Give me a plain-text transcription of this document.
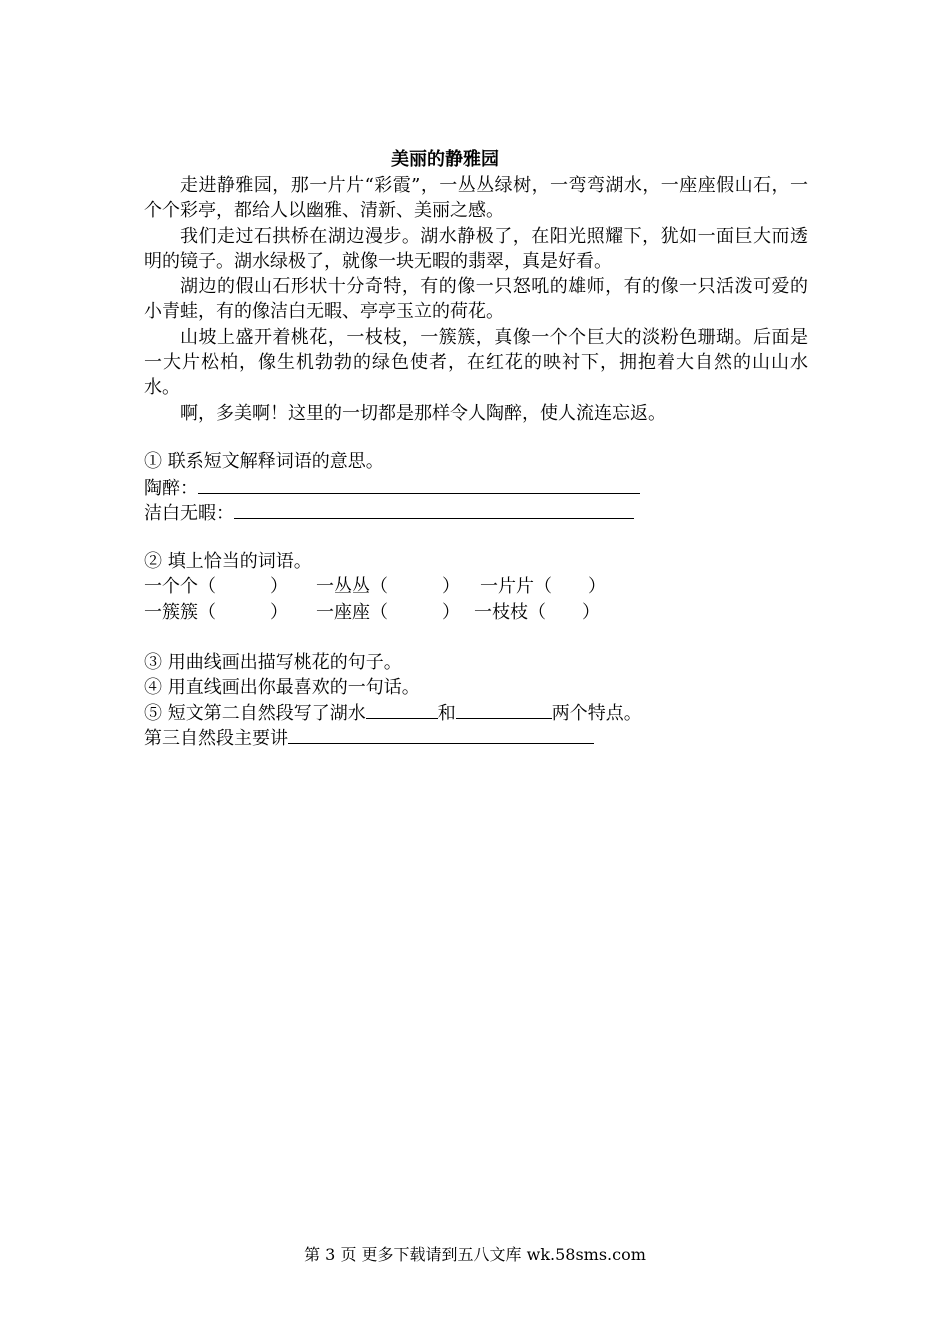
美丽的静雅园

走进静雅园，那一片片“彩霞”，一丛丛绿树，一弯弯湖水，一座座假山石，一个个彩亭，都给人以幽雅、清新、美丽之感。

我们走过石拱桥在湖边漫步。湖水静极了，在阳光照耀下，犹如一面巨大而透明的镜子。湖水绿极了，就像一块无暇的翡翠，真是好看。

湖边的假山石形状十分奇特，有的像一只怒吼的雄师，有的像一只活泼可爱的小青蛙，有的像洁白无暇、亭亭玉立的荷花。

山坡上盛开着桃花，一枝枝，一簇簇，真像一个个巨大的淡粉色珊瑚。后面是一大片松柏，像生机勃勃的绿色使者，在红花的映衬下，拥抱着大自然的山山水水。

啊，多美啊！这里的一切都是那样令人陶醉，使人流连忘返。

① 联系短文解释词语的意思。
陶醉：
洁白无暇：
② 填上恰当的词语。
一个个（　　　） 一丛丛（　　　） 一片片（　　）
一簇簇（　　　） 一座座（　　　） 一枝枝（　　）
③ 用曲线画出描写桃花的句子。
④ 用直线画出你最喜欢的一句话。
⑤ 短文第二自然段写了湖水	和	两个特点。
第三自然段主要讲
第 3 页 更多下载请到五八文库 wk.58sms.com
